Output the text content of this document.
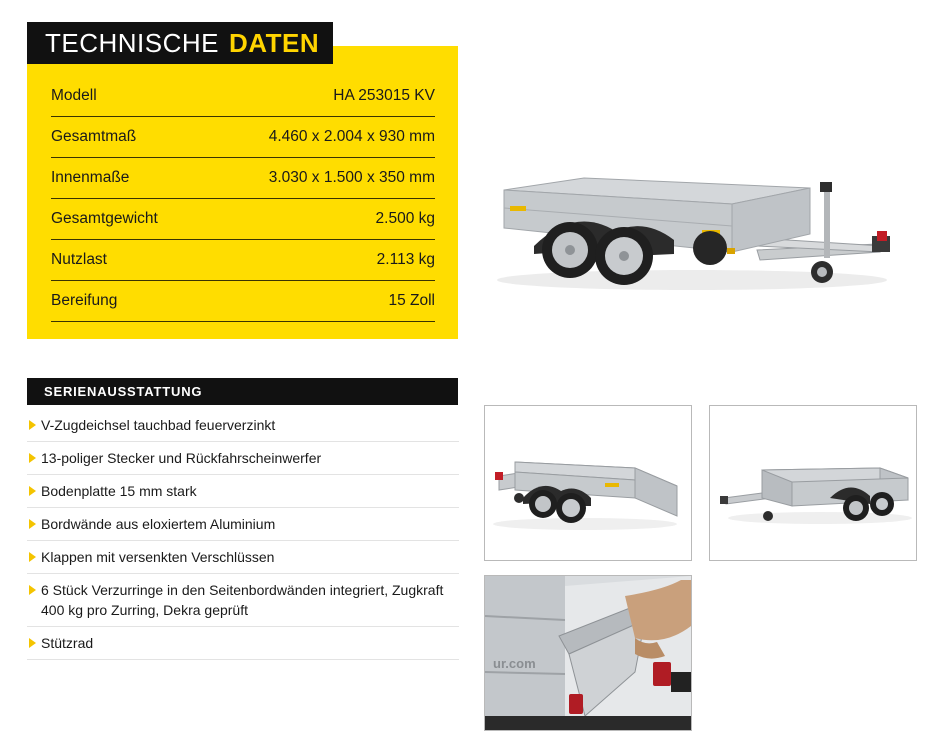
TECHNISCHE DATEN
Modell	HA 253015 KV
Gesamtmaß	4.460 x 2.004 x 930 mm
Innenmaße	3.030 x 1.500 x 350 mm
Gesamtgewicht	2.500 kg
Nutzlast	2.113 kg
Bereifung	15 Zoll
SERIENAUSSTATTUNG
V-Zugdeichsel tauchbad feuerverzinkt
13-poliger Stecker und Rückfahrscheinwerfer
Bodenplatte 15 mm stark
Bordwände aus eloxiertem Aluminium
Klappen mit versenkten Verschlüssen
6 Stück Verzurringe in den Seitenbordwänden integriert, Zugkraft 400 kg pro Zurring, Dekra geprüft
Stützrad
ur.com
